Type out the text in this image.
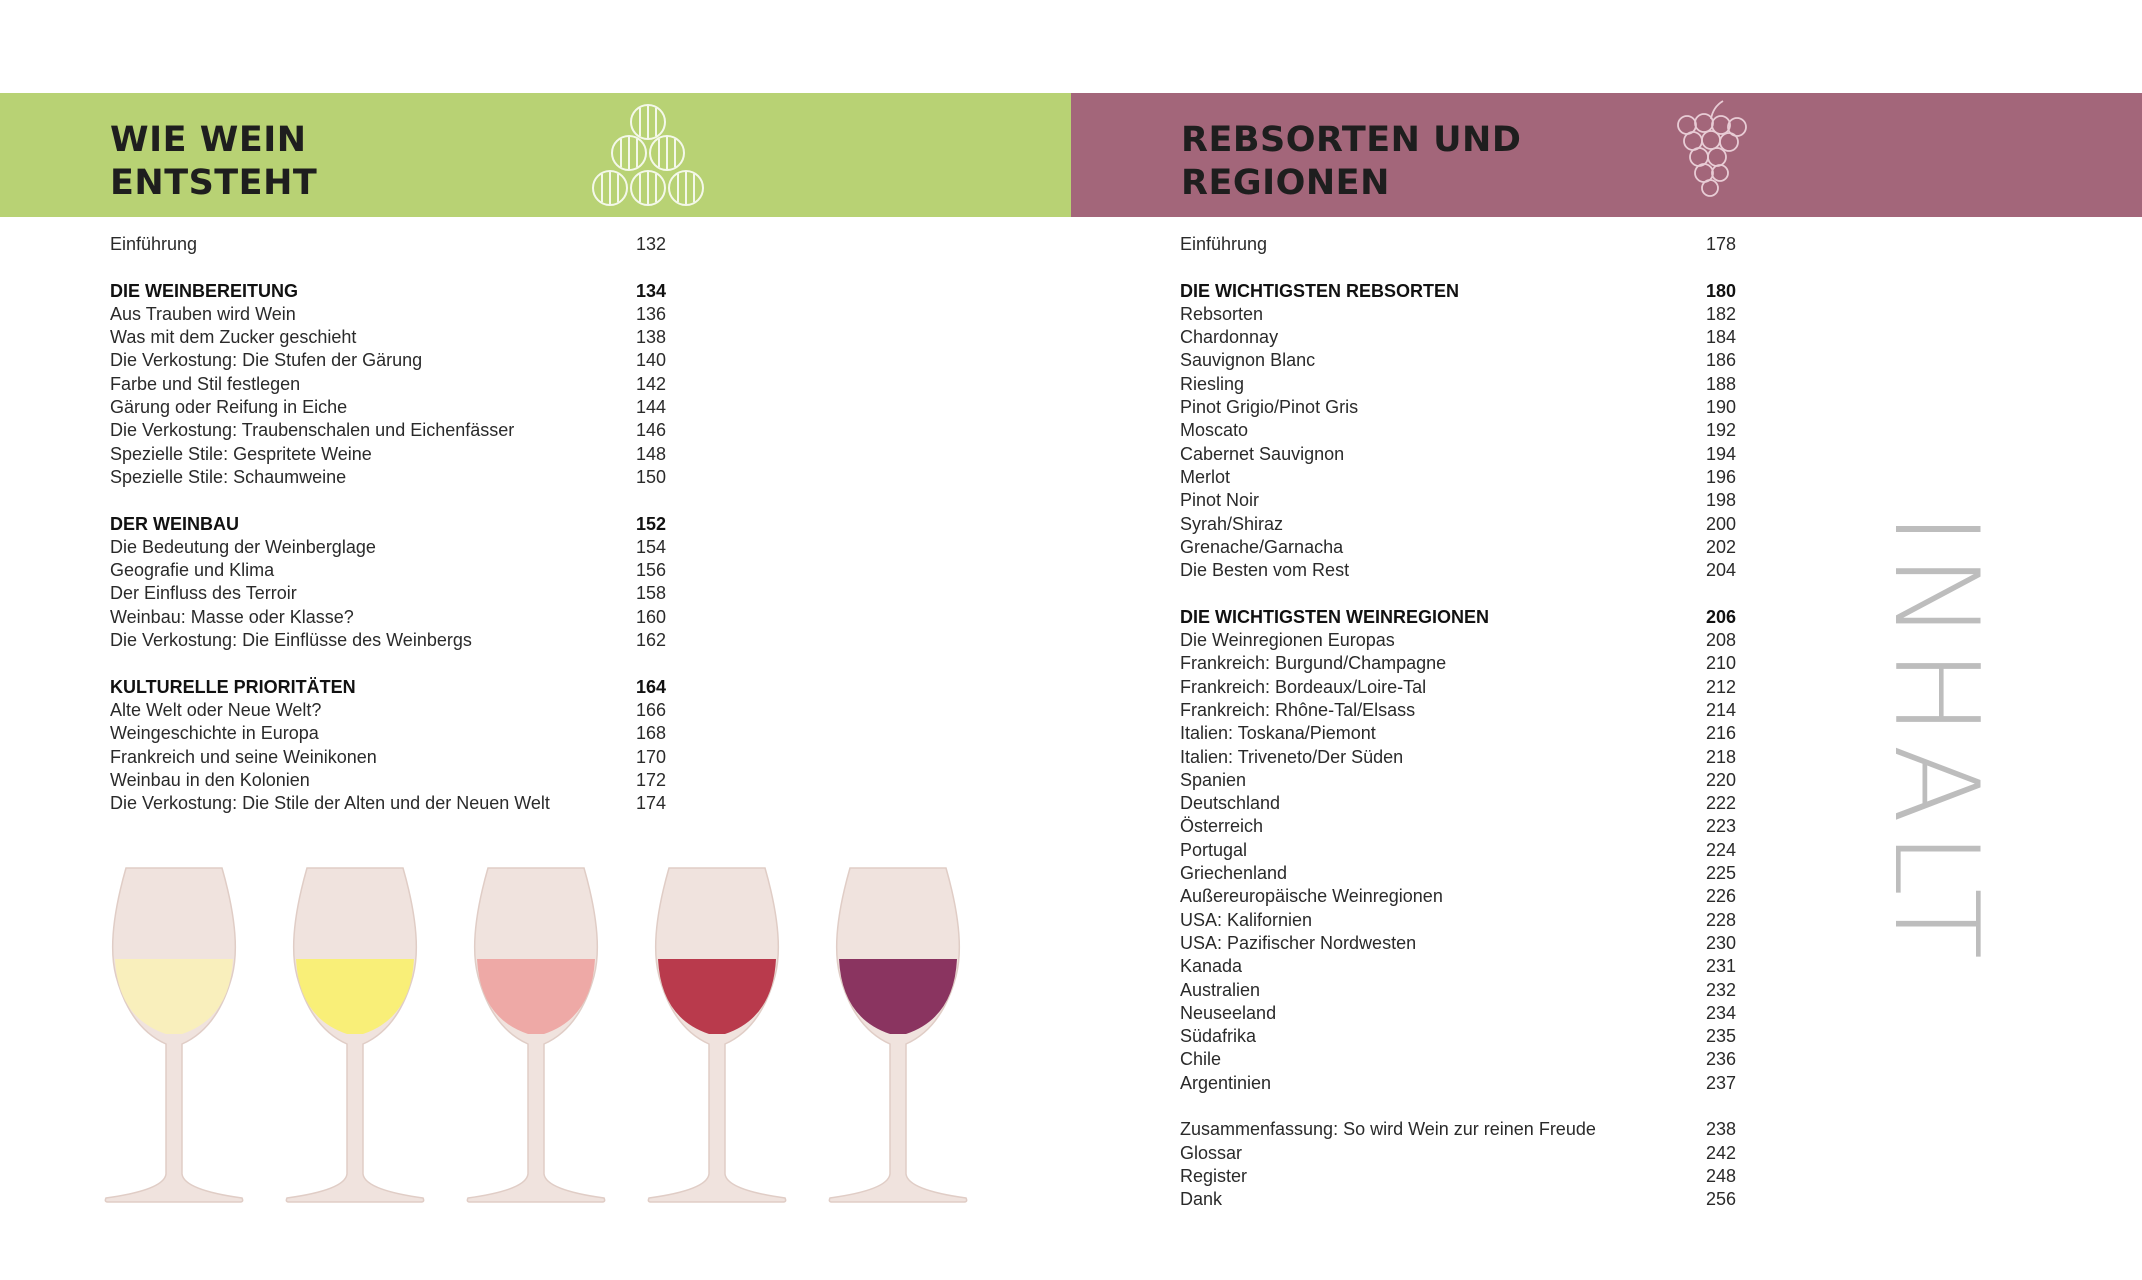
WIE WEIN
ENTSTEHT
REBSORTEN UND
REGIONEN
Einführung	132
DIE WEINBEREITUNG	134
Aus Trauben wird Wein	136
Was mit dem Zucker geschieht	138
Die Verkostung: Die Stufen der Gärung	140
Farbe und Stil festlegen	142
Gärung oder Reifung in Eiche	144
Die Verkostung: Traubenschalen und Eichenfässer	146
Spezielle Stile: Gespritete Weine	148
Spezielle Stile: Schaumweine	150
DER WEINBAU	152
Die Bedeutung der Weinberglage	154
Geografie und Klima	156
Der Einfluss des Terroir	158
Weinbau: Masse oder Klasse?	160
Die Verkostung: Die Einflüsse des Weinbergs	162
KULTURELLE PRIORITÄTEN	164
Alte Welt oder Neue Welt?	166
Weingeschichte in Europa	168
Frankreich und seine Weinikonen	170
Weinbau in den Kolonien	172
Die Verkostung: Die Stile der Alten und der Neuen Welt	174
Einführung	178
DIE WICHTIGSTEN REBSORTEN	180
Rebsorten	182
Chardonnay	184
Sauvignon Blanc	186
Riesling	188
Pinot Grigio/Pinot Gris	190
Moscato	192
Cabernet Sauvignon	194
Merlot	196
Pinot Noir	198
Syrah/Shiraz	200
Grenache/Garnacha	202
Die Besten vom Rest	204
DIE WICHTIGSTEN WEINREGIONEN	206
Die Weinregionen Europas	208
Frankreich: Burgund/Champagne	210
Frankreich: Bordeaux/Loire-Tal	212
Frankreich: Rhône-Tal/Elsass	214
Italien: Toskana/Piemont	216
Italien: Triveneto/Der Süden	218
Spanien	220
Deutschland	222
Österreich	223
Portugal	224
Griechenland	225
Außereuropäische Weinregionen	226
USA: Kalifornien	228
USA: Pazifischer Nordwesten	230
Kanada	231
Australien	232
Neuseeland	234
Südafrika	235
Chile	236
Argentinien	237
Zusammenfassung: So wird Wein zur reinen Freude	238
Glossar	242
Register	248
Dank	256
INHALT
